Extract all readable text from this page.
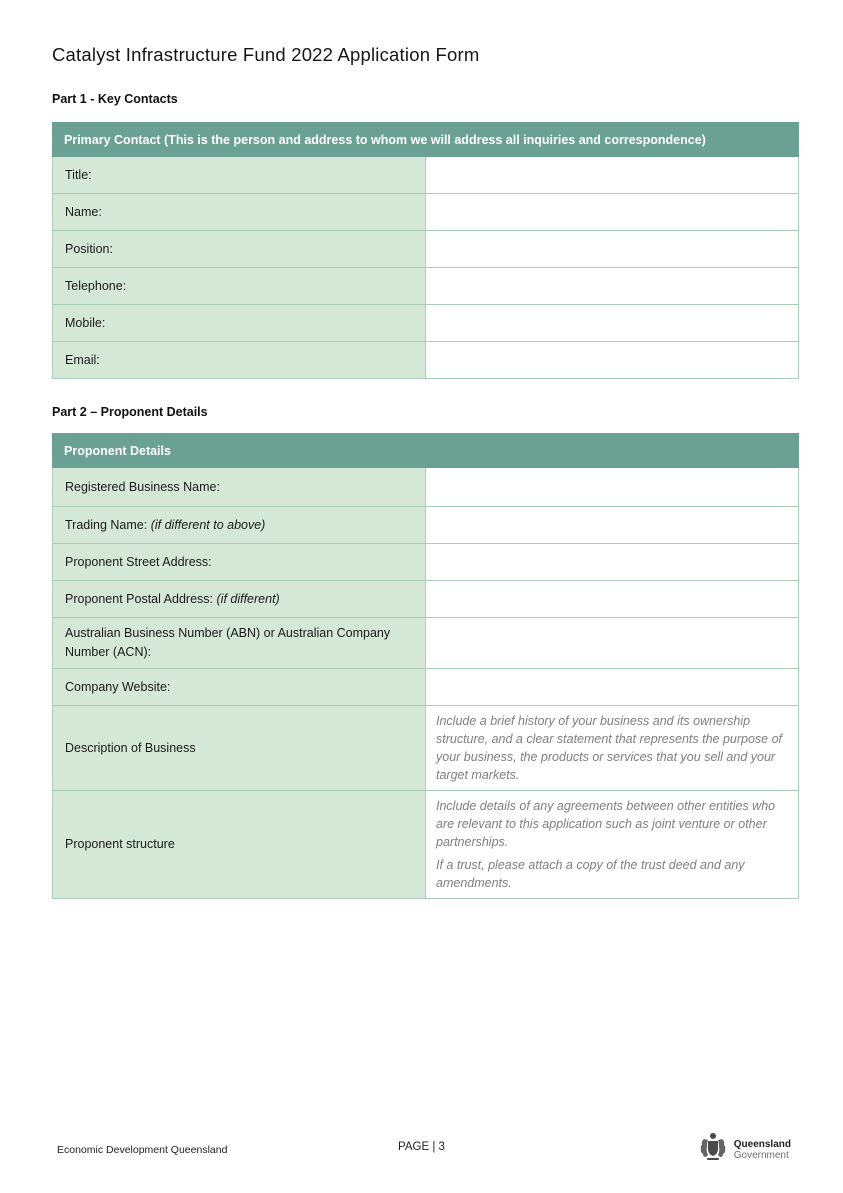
Catalyst Infrastructure Fund 2022 Application Form
Part 1 - Key Contacts
Primary Contact (This is the person and address to whom we will address all inquiries and correspondence)	
Title:	
Name:	
Position:	
Telephone:	
Mobile:	
Email:	
Part 2 – Proponent Details
Proponent Details	
Registered Business Name:	
Trading Name: (if different to above)	
Proponent Street Address:	
Proponent Postal Address: (if different)	
Australian Business Number (ABN) or Australian Company Number (ACN):	
Company Website:	
Description of Business	Include a brief history of your business and its ownership structure, and a clear statement that represents the purpose of your business, the products or services that you sell and your target markets.

Proponent structure	Include details of any agreements between other entities who are relevant to this application such as joint venture or other partnerships.
If a trust, please attach a copy of the trust deed and any amendments.
Economic Development Queensland	PAGE | 3	Queensland
Government
